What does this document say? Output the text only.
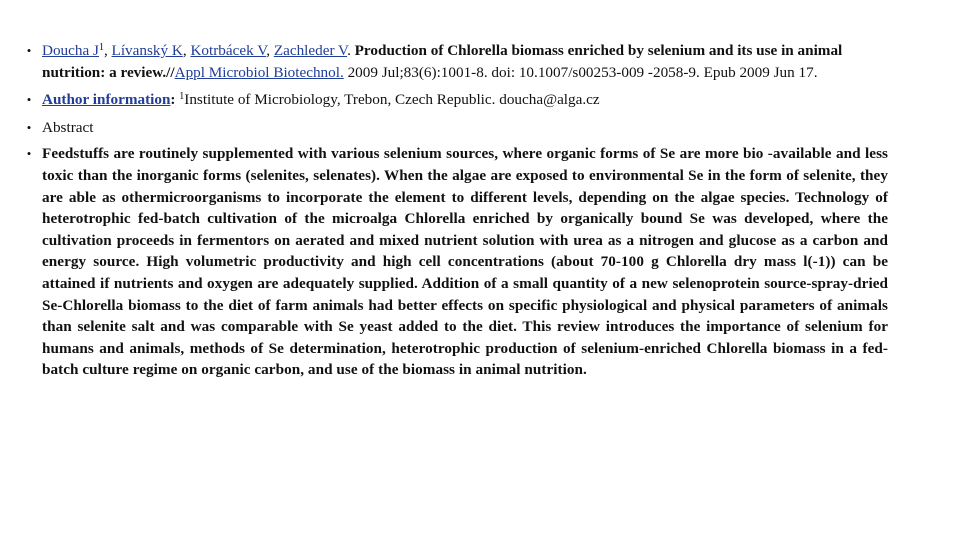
• Doucha $J^1$, Lívanský K, Kotrbácek V, Zachleder V. Production of Chlorella biomass enriched by selenium and its use in animal nutrition: a review.//Appl Microbiol Biotechnol. 2009 Jul;83(6):1001-8. doi: 10.1007/s00253-009 -2058-9. Epub 2009 Jun 17.
• Author information: $^1$Institute of Microbiology, Trebon, Czech Republic. doucha@alga.cz
• Abstract
• Feedstuffs are routinely supplemented with various selenium sources, where organic forms of Se are more bio -available and less toxic than the inorganic forms (selenites, selenates). When the algae are exposed to environmental Se in the form of selenite, they are able as othermicroorganisms to incorporate the element to different levels, depending on the algae species. Technology of heterotrophic fed-batch cultivation of the microalga Chlorella enriched by organically bound Se was developed, where the cultivation proceeds in fermentors on aerated and mixed nutrient solution with urea as a nitrogen and glucose as a carbon and energy source. High volumetric productivity and high cell concentrations (about 70-100 g Chlorella dry mass l(-1)) can be attained if nutrients and oxygen are adequately supplied. Addition of a small quantity of a new selenoprotein source-spray-dried Se-Chlorella biomass to the diet of farm animals had better effects on specific physiological and physical parameters of animals than selenite salt and was comparable with Se yeast added to the diet. This review introduces the importance of selenium for humans and animals, methods of Se determination, heterotrophic production of selenium-enriched Chlorella biomass in a fed-batch culture regime on organic carbon, and use of the biomass in animal nutrition.
